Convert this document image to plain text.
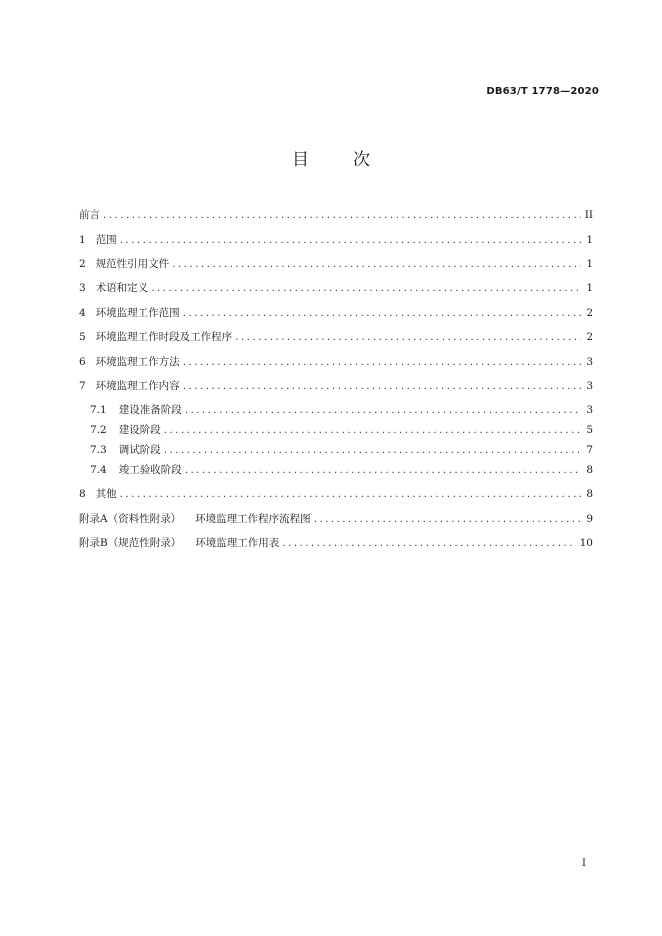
DB63/T 1778—2020
目	次
前言 .....	II
1 范围 .....	1
2 规范性引用文件 .....	1
3 术语和定义 .....	1
4 环境监理工作范围 .....	2
5 环境监理工作时段及工作程序 .....	2
6 环境监理工作方法 .....	3
7 环境监理工作内容 .....	3
7.1 建设准备阶段 .....	3
7.2 建设阶段 .....	5
7.3 调试阶段 .....	7
7.4 竣工验收阶段 .....	8
8 其他 .....	8
附录A（资料性附录） 环境监理工作程序流程图 .....	9
附录B（规范性附录） 环境监理工作用表 .....	10
I
